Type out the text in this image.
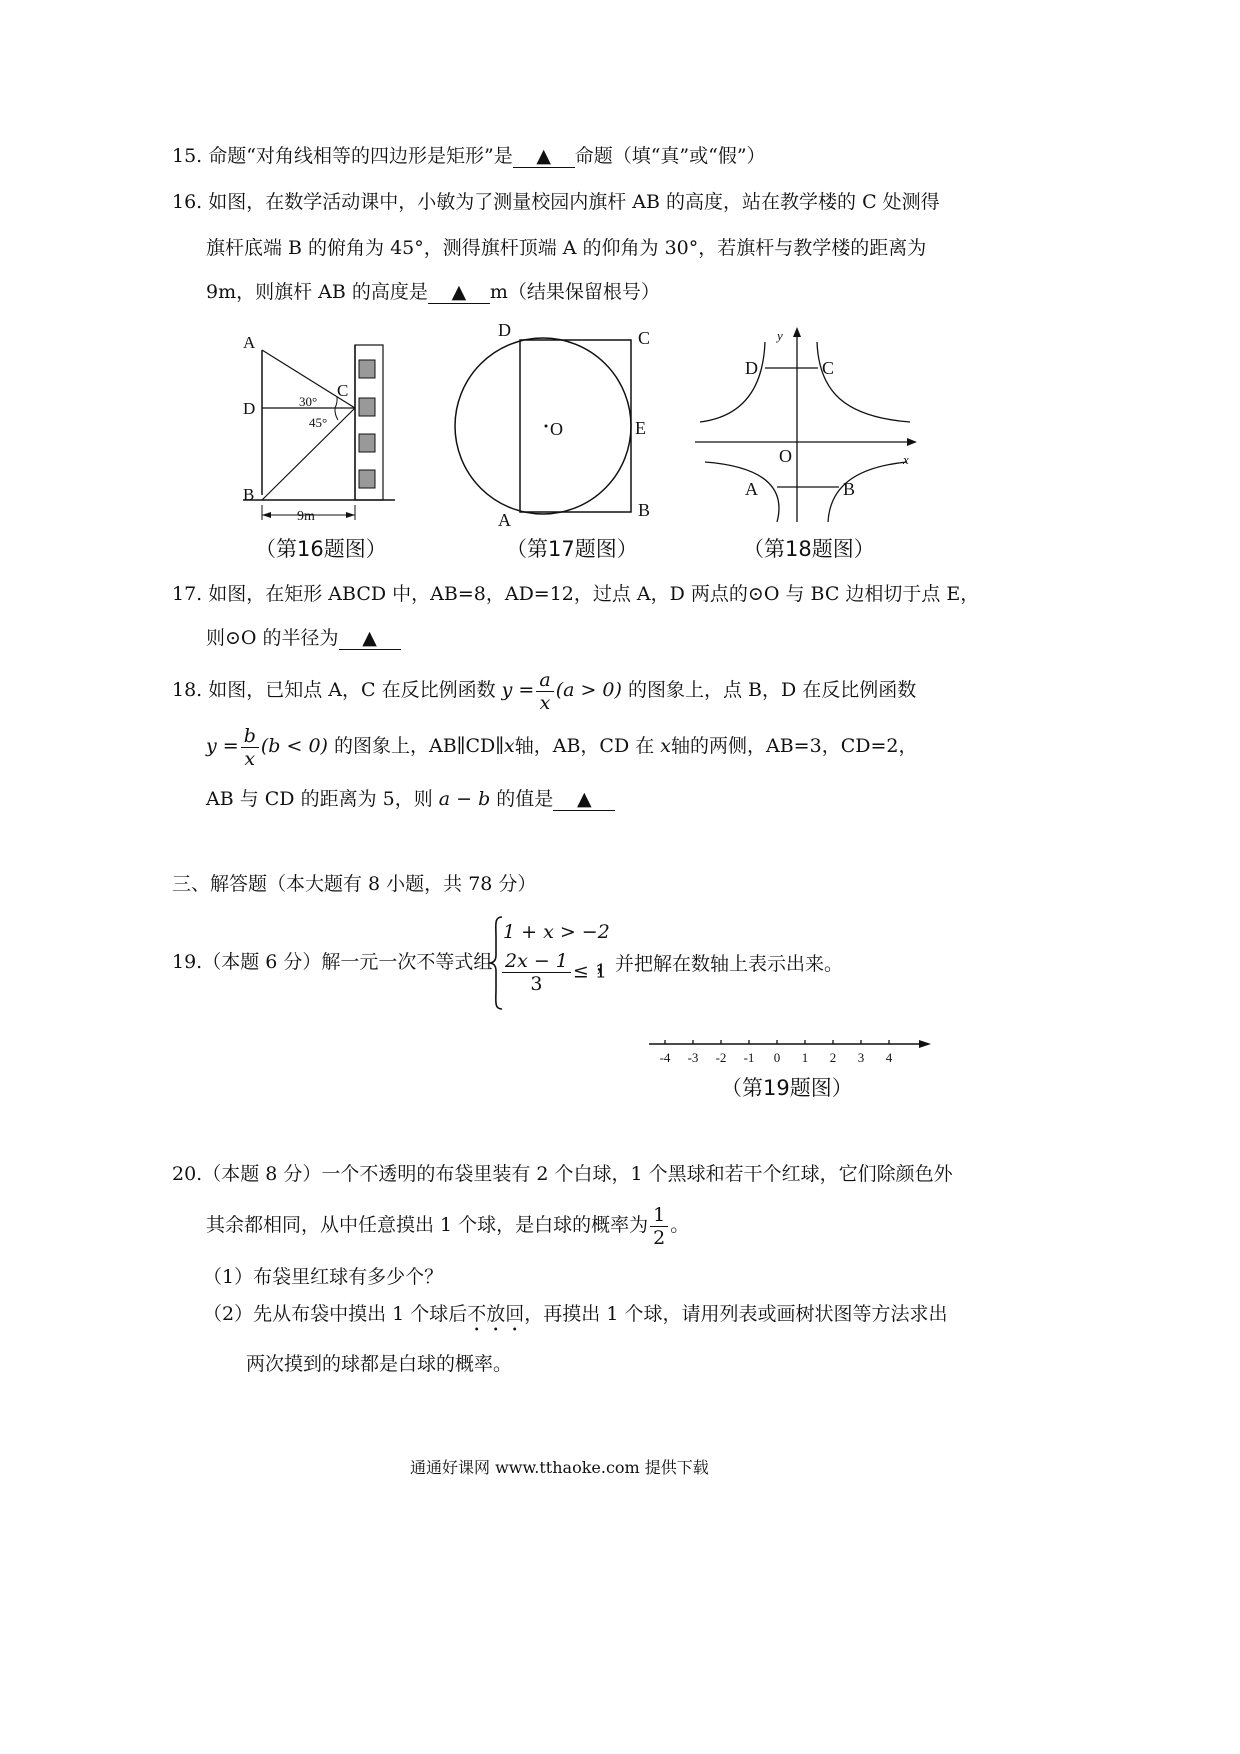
15. 命题“对角线相等的四边形是矩形”是 ▲ 命题（填“真”或“假”）
16. 如图，在数学活动课中，小敏为了测量校园内旗杆 AB 的高度，站在教学楼的 C 处测得
旗杆底端 B 的俯角为 45°，测得旗杆顶端 A 的仰角为 30°，若旗杆与教学楼的距离为
9m，则旗杆 AB 的高度是 ▲ m（结果保留根号）
A
D
B
C
30°
45°
9m
（第16题图）
D	C
E
B
A
O
（第17题图）
D	C
A	B
O	x
y
（第18题图）
17. 如图，在矩形 ABCD 中，AB=8，AD=12，过点 A，D 两点的⊙O 与 BC 边相切于点 E，
则⊙O 的半径为 ▲
18. 如图，已知点 A，C 在反比例函数 $y = \frac{a}{x} (a > 0)$ 的图象上，点 B，D 在反比例函数
$y = \frac{b}{x} (b < 0)$ 的图象上，AB∥CD∥x轴，AB，CD 在 x轴的两侧，AB=3，CD=2，
AB 与 CD 的距离为 5，则 a − b 的值是 ▲
三、解答题（本大题有 8 小题，共 78 分）
19.（本题 6 分）解一元一次不等式组
1 + x > −2
$\frac{2x - 1}{3} \le 1$
，并把解在数轴上表示出来。
-4 -3 -2 -1 0 1 2 3 4
（第19题图）
20.（本题 8 分）一个不透明的布袋里装有 2 个白球，1 个黑球和若干个红球，它们除颜色外
其余都相同，从中任意摸出 1 个球，是白球的概率为 $\frac{1}{2}$ 。
（1）布袋里红球有多少个？
（2）先从布袋中摸出 1 个球后不放回，再摸出 1 个球，请用列表或画树状图等方法求出
两次摸到的球都是白球的概率。
通通好课网 www.tthaoke.com 提供下载
